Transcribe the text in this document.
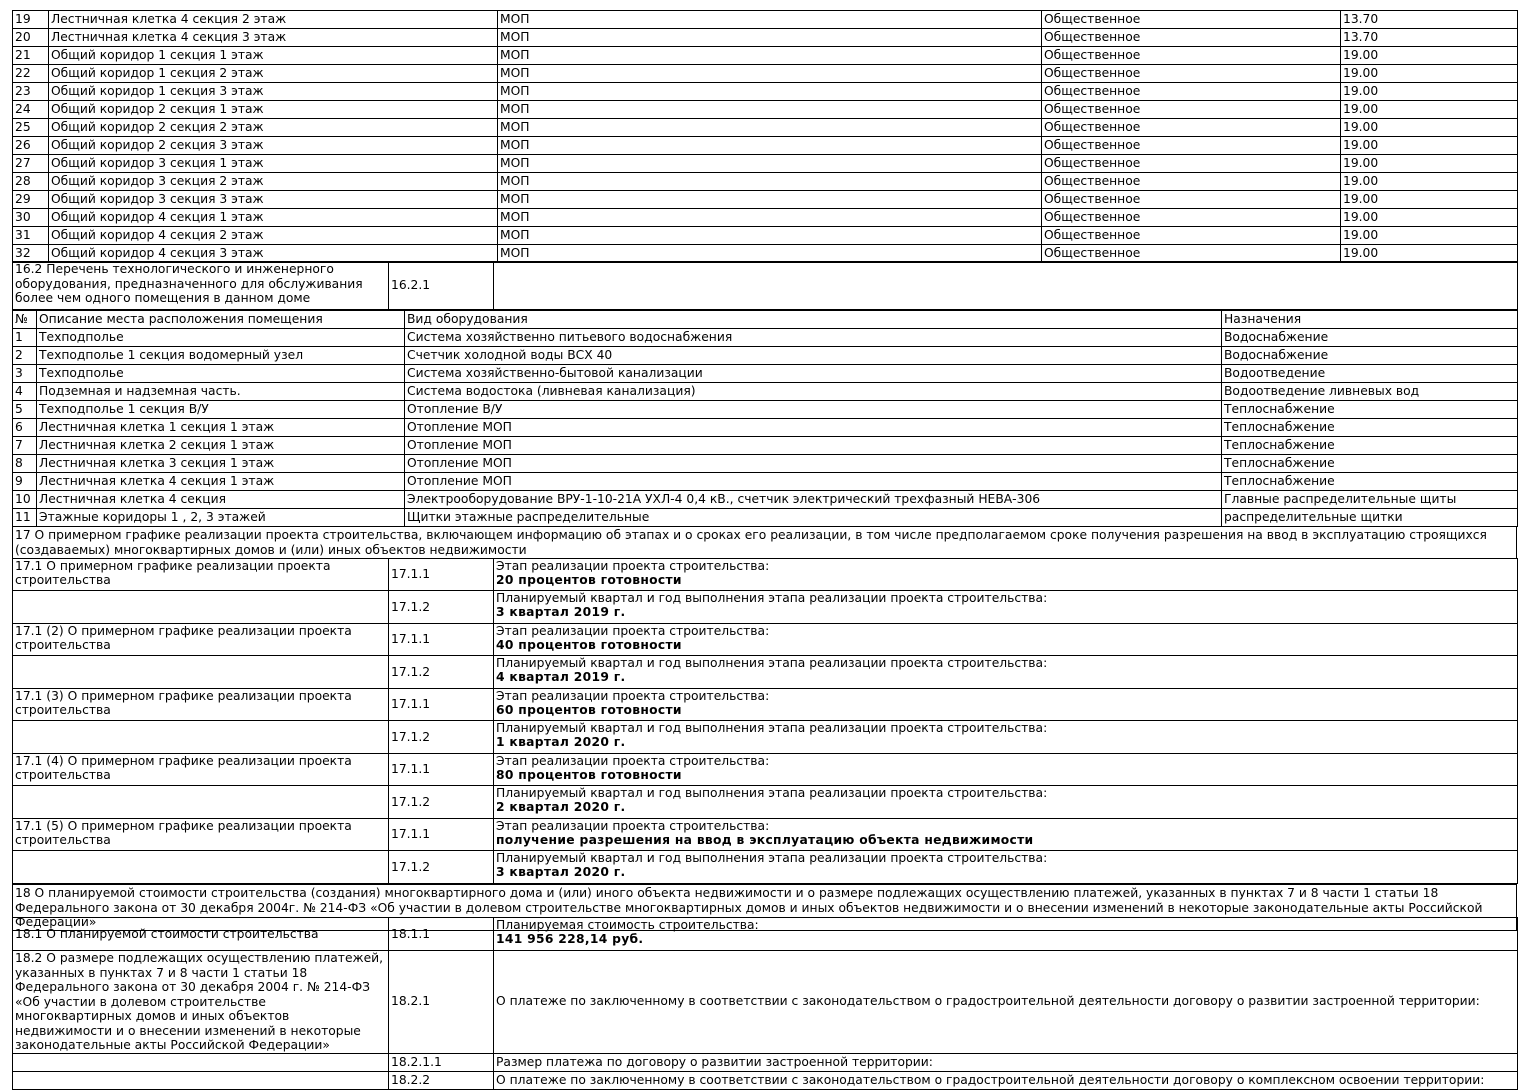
19	Лестничная клетка 4 секция 2 этаж	МОП	Общественное	13.70
20	Лестничная клетка 4 секция 3 этаж	МОП	Общественное	13.70
21	Общий коридор 1 секция 1 этаж	МОП	Общественное	19.00
22	Общий коридор 1 секция 2 этаж	МОП	Общественное	19.00
23	Общий коридор 1 секция 3 этаж	МОП	Общественное	19.00
24	Общий коридор 2 секция 1 этаж	МОП	Общественное	19.00
25	Общий коридор 2 секция 2 этаж	МОП	Общественное	19.00
26	Общий коридор 2 секция 3 этаж	МОП	Общественное	19.00
27	Общий коридор 3 секция 1 этаж	МОП	Общественное	19.00
28	Общий коридор 3 секция 2 этаж	МОП	Общественное	19.00
29	Общий коридор 3 секция 3 этаж	МОП	Общественное	19.00
30	Общий коридор 4 секция 1 этаж	МОП	Общественное	19.00
31	Общий коридор 4 секция 2 этаж	МОП	Общественное	19.00
32	Общий коридор 4 секция 3 этаж	МОП	Общественное	19.00
16.2 Перечень технологического и инженерного оборудования, предназначенного для обслуживания более чем одного помещения в данном доме	16.2.1	
№	Описание места расположения помещения	Вид оборудования	Назначения
1	Техподполье	Система хозяйственно питьевого водоснабжения	Водоснабжение
2	Техподполье 1 секция водомерный узел	Счетчик холодной воды ВСХ 40	Водоснабжение
3	Техподполье	Система хозяйственно-бытовой канализации	Водоотведение
4	Подземная и надземная часть.	Система водостока (ливневая канализация)	Водоотведение ливневых вод
5	Техподполье 1 секция В/У	Отопление В/У	Теплоснабжение
6	Лестничная клетка 1 секция 1 этаж	Отопление МОП	Теплоснабжение
7	Лестничная клетка 2 секция 1 этаж	Отопление МОП	Теплоснабжение
8	Лестничная клетка 3 секция 1 этаж	Отопление МОП	Теплоснабжение
9	Лестничная клетка 4 секция 1 этаж	Отопление МОП	Теплоснабжение
10	Лестничная клетка 4 секция	Электрооборудование ВРУ-1-10-21А УХЛ-4 0,4 кВ., счетчик электрический трехфазный НЕВА-306	Главные распределительные щиты
11	Этажные коридоры 1 , 2, 3 этажей	Щитки этажные распределительные	распределительные щитки
17 О примерном графике реализации проекта строительства, включающем информацию об этапах и о сроках его реализации, в том числе предполагаемом сроке получения разрешения на ввод в эксплуатацию строящихся (создаваемых) многоквартирных домов и (или) иных объектов недвижимости
17.1 О примерном графике реализации проекта строительства	17.1.1	Этап реализации проекта строительства:
20 процентов готовности

	17.1.2	Планируемый квартал и год выполнения этапа реализации проекта строительства:
3 квартал 2019 г.

17.1 (2) О примерном графике реализации проекта строительства	17.1.1	Этап реализации проекта строительства:
40 процентов готовности

	17.1.2	Планируемый квартал и год выполнения этапа реализации проекта строительства:
4 квартал 2019 г.

17.1 (3) О примерном графике реализации проекта строительства	17.1.1	Этап реализации проекта строительства:
60 процентов готовности

	17.1.2	Планируемый квартал и год выполнения этапа реализации проекта строительства:
1 квартал 2020 г.

17.1 (4) О примерном графике реализации проекта строительства	17.1.1	Этап реализации проекта строительства:
80 процентов готовности

	17.1.2	Планируемый квартал и год выполнения этапа реализации проекта строительства:
2 квартал 2020 г.

17.1 (5) О примерном графике реализации проекта строительства	17.1.1	Этап реализации проекта строительства:
получение разрешения на ввод в эксплуатацию объекта недвижимости

	17.1.2	Планируемый квартал и год выполнения этапа реализации проекта строительства:
3 квартал 2020 г.
18 О планируемой стоимости строительства (создания) многоквартирного дома и (или) иного объекта недвижимости и о размере подлежащих осуществлению платежей, указанных в пунктах 7 и 8 части 1 статьи 18 Федерального закона от 30 декабря 2004г. № 214-ФЗ «Об участии в долевом строительстве многоквартирных домов и иных объектов недвижимости и о внесении изменений в некоторые законодательные акты Российской Федерации»
18.1 О планируемой стоимости строительства	18.1.1	Планируемая стоимость строительства:
141 956 228,14 руб.

18.2 О размере подлежащих осуществлению платежей, указанных в пунктах 7 и 8 части 1 статьи 18 Федерального закона от 30 декабря 2004 г. № 214-ФЗ «Об участии в долевом строительстве многоквартирных домов и иных объектов недвижимости и о внесении изменений в некоторые законодательные акты Российской Федерации»	18.2.1	О платеже по заключенному в соответствии с законодательством о градостроительной деятельности договору о развитии застроенной территории:
	18.2.1.1	Размер платежа по договору о развитии застроенной территории:
	18.2.2	О платеже по заключенному в соответствии с законодательством о градостроительной деятельности договору о комплексном освоении территории:
